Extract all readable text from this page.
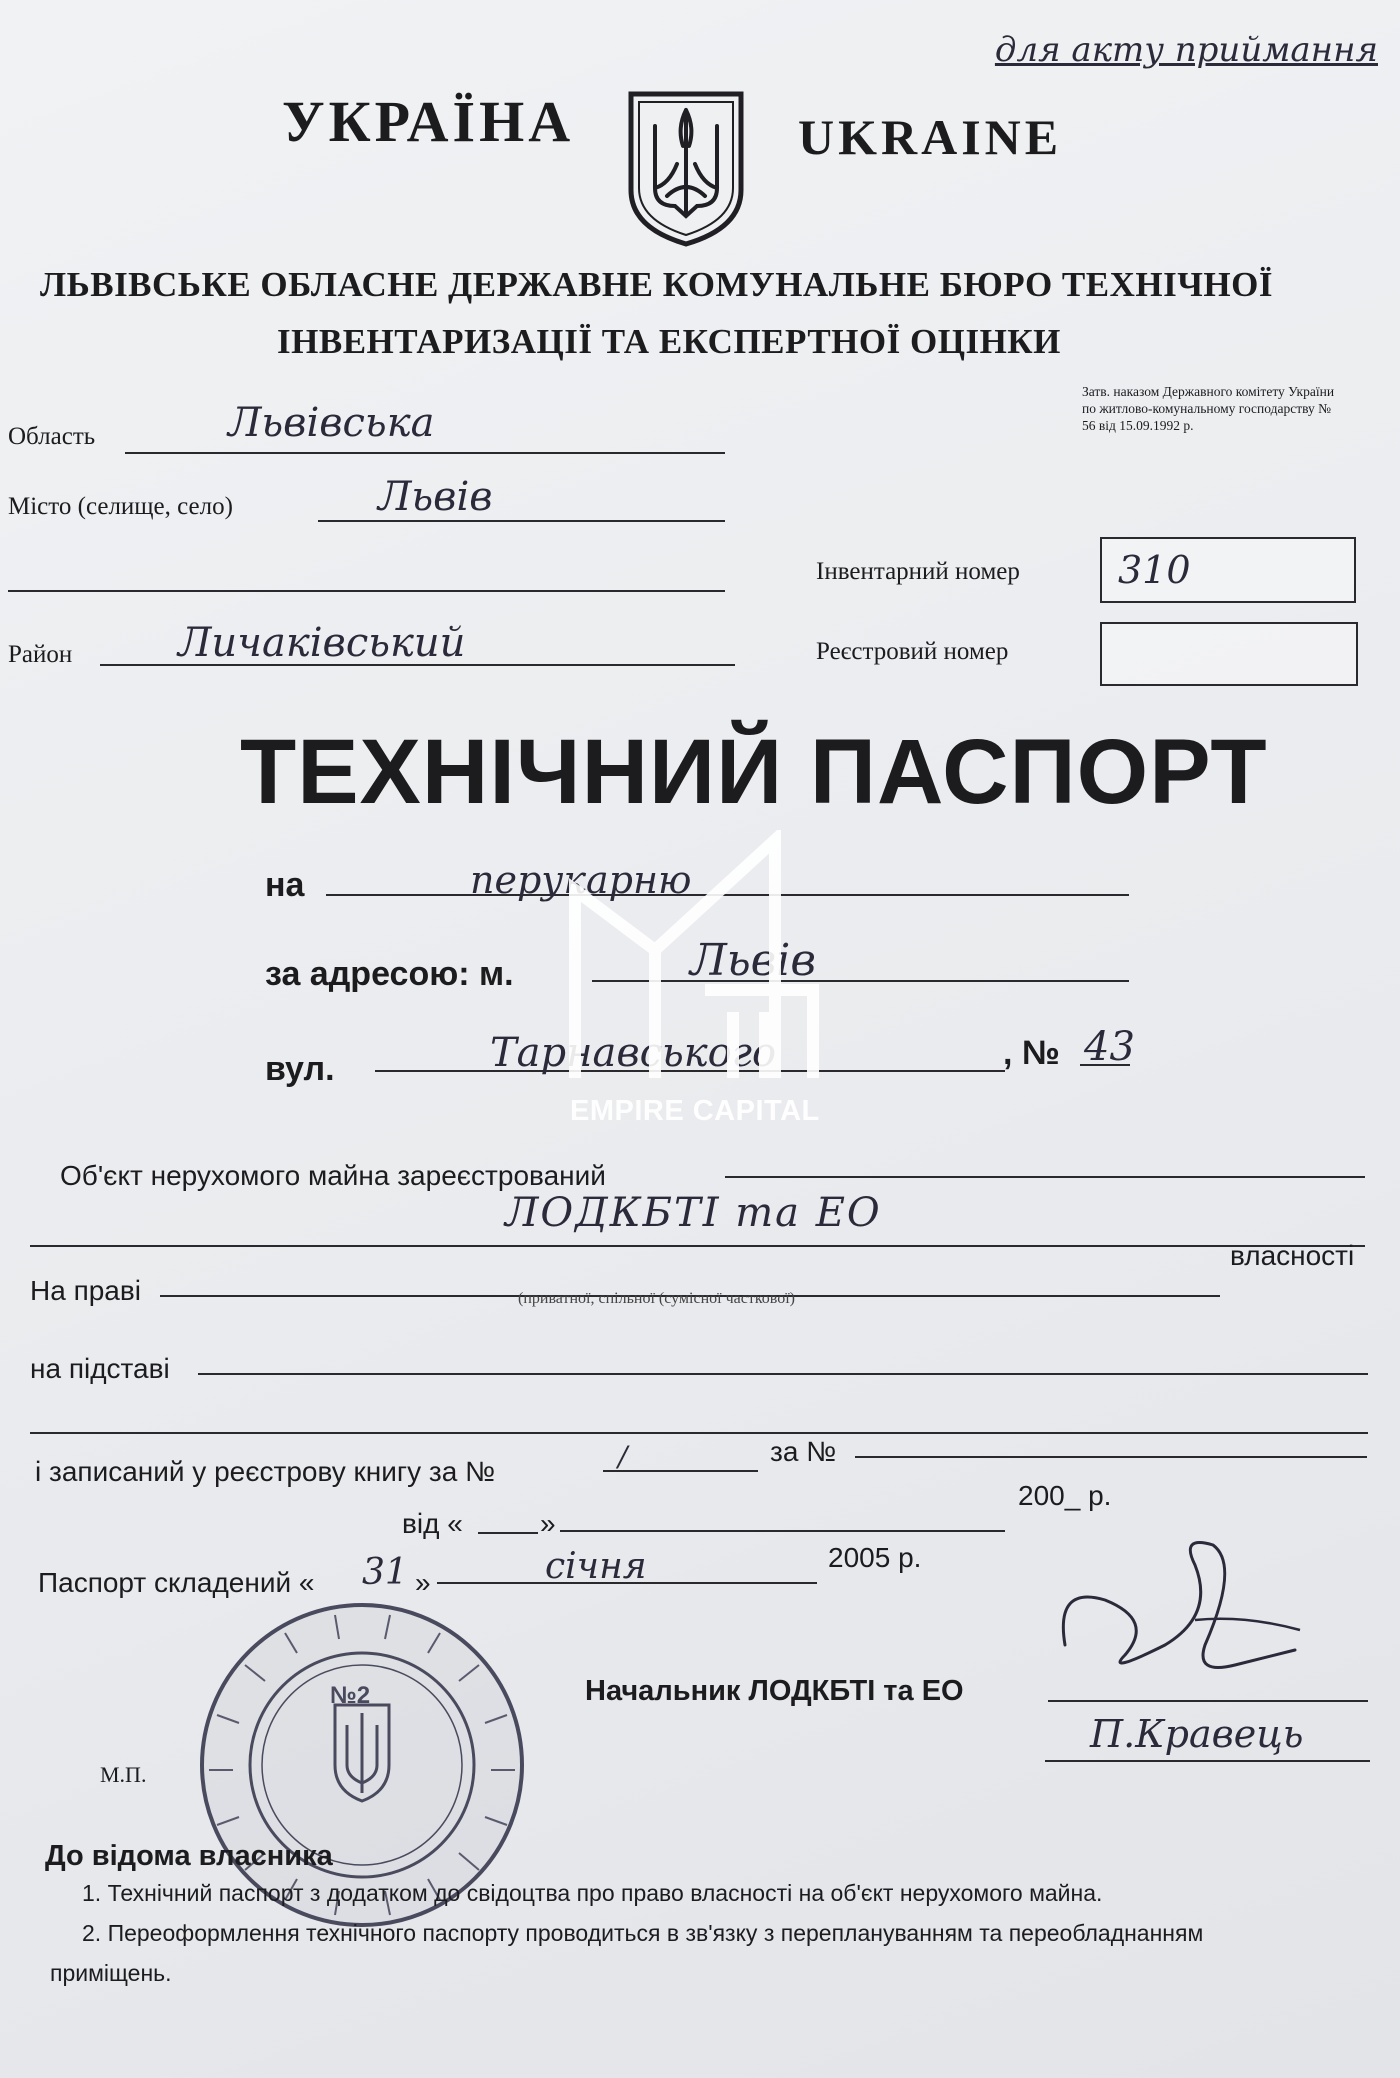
для акту приймання
УКРАЇНА	UKRAINE
ЛЬВІВСЬКЕ ОБЛАСНЕ ДЕРЖАВНЕ КОМУНАЛЬНЕ БЮРО ТЕХНІЧНОЇ
ІНВЕНТАРИЗАЦІЇ ТА ЕКСПЕРТНОЇ ОЦІНКИ
Затв. наказом Державного комітету України по житлово-комунальному господарству № 56 від 15.09.1992 р.
Область	Львівська
Місто (селище, село)	Львів
Район	Личаківський
Інвентарний номер	310
Реєстровий номер
ТЕХНІЧНИЙ ПАСПОРТ
на	перукарню
за адресою: м.	Львів
вул.	Тарнавського	, № 43
EMPIRE CAPITAL
Об'єкт нерухомого майна зареєстрований
ЛОДКБТІ та ЕО
На праві
власності
(приватної, спільної (сумісної часткової)
на підставі
і записаний у реєстрову книгу за №	/	за №
від «	»
200_ р.
Паспорт складений « 31 »	січня	2005 р.
№2
М.П.
Начальник ЛОДКБТІ та ЕО
П.Кравець
До відома власника
1. Технічний паспорт з додатком до свідоцтва про право власності на об'єкт нерухомого майна.
2. Переоформлення технічного паспорту проводиться в зв'язку з переплануванням та переобладнанням
приміщень.
